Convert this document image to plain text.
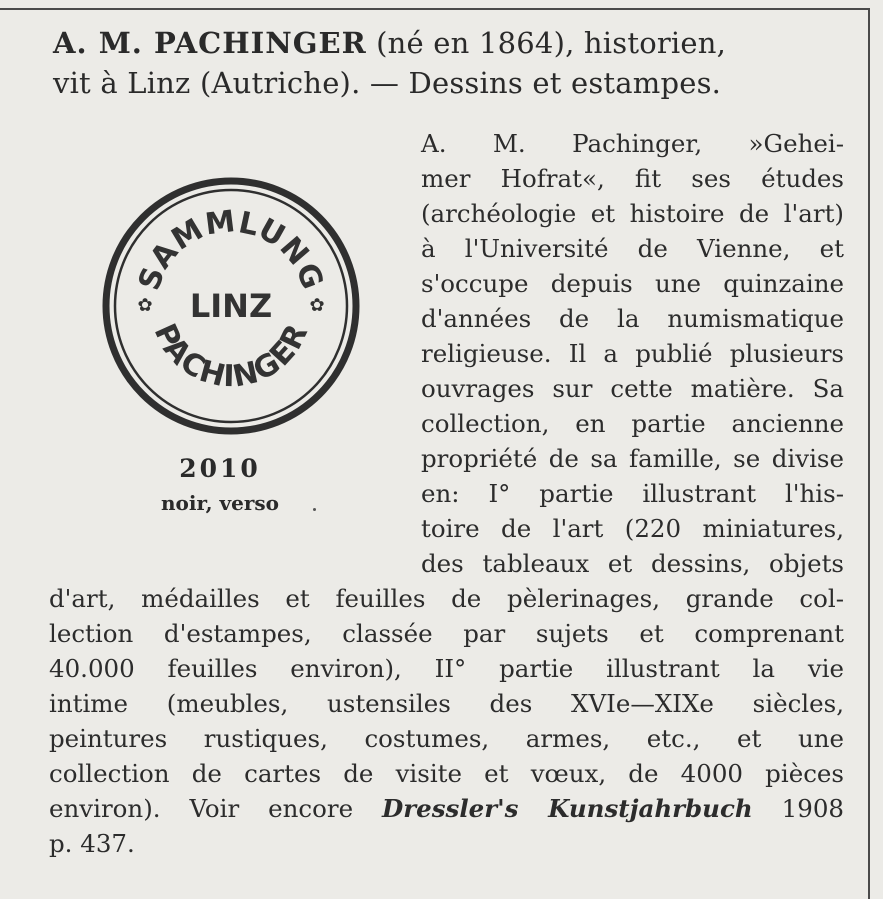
A. M. PACHINGER (né en 1864), historien,
vit à Linz (Autriche). — Dessins et estampes.
SAMMLUNG
PACHINGER
LINZ
✿	✿
2010
noir, verso
A. M. Pachinger, »Gehei-
mer Hofrat«, fit ses études
(archéologie et histoire de l'art)
à l'Université de Vienne, et
s'occupe depuis une quinzaine
d'années de la numismatique
religieuse. Il a publié plusieurs
ouvrages sur cette matière. Sa
collection, en partie ancienne
propriété de sa famille, se divise
en: I° partie illustrant l'his-
toire de l'art (220 miniatures,
des tableaux et dessins, objets
d'art, médailles et feuilles de pèlerinages, grande col-
lection d'estampes, classée par sujets et comprenant
40.000 feuilles environ), II° partie illustrant la vie
intime (meubles, ustensiles des XVIe—XIXe siècles,
peintures rustiques, costumes, armes, etc., et une
collection de cartes de visite et vœux, de 4000 pièces
environ). Voir encore Dressler's Kunstjahrbuch 1908
p. 437.
